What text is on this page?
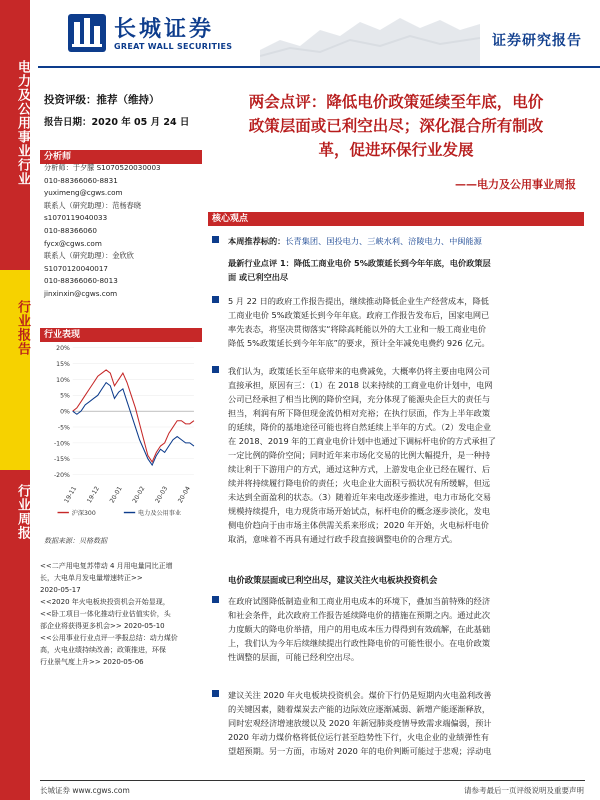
电力及公用事业行业
行业报告
行业周报
长城证券
GREAT WALL SECURITIES	证券研究报告
投资评级：推荐（维持）
报告日期：2020 年 05 月 24 日
分析师
分析师：于夕朦 S1070520030003
010-88366060-8831
yuximeng@cgws.com
联系人（研究助理）：范杨春晓
s1070119040033
010-88366060
fycx@cgws.com
联系人（研究助理）：金欣欣
S1070120040017
010-88366060-8013
jinxinxin@cgws.com
行业表现
20%
15%
10%
5%
0%
-5%
-10%
-15%
-20%
19-11 19-12 20-01 20-02 20-03 20-04
沪深300	电力及公用事业
数据来源：贝格数据
<<二产用电复苏带动 4 月用电量同比正增
长，大电单月发电量增速转正>>
2020-05-17
<<2020 年火电板块投资机会开始显现，
<<卧工项目一体化推动行业估值实价，头
部企业将获得更多机会>> 2020-05-10
<<公用事业行业点评一季报总结：动力煤价
高，火电业绩持续改善；政策推进，环保
行业景气度上升>> 2020-05-06
两会点评：降低电价政策延续至年底，电价
政策层面或已利空出尽；深化混合所有制改
革，促进环保行业发展
——电力及公用事业周报
核心观点
本周推荐标的：长青集团、国投电力、三峡水利、涪陵电力、中闽能源
最新行业点评 1：降低工商业电价 5%政策延长到今年年底，电价政策层
面 或已利空出尽
5 月 22 日的政府工作报告提出，继续推动降低企业生产经营成本，降低
工商业电价 5%政策延长到今年年底。政府工作报告发布后，国家电网已
率先表态，将坚决贯彻落实“将除高耗能以外的大工业和一般工商业电价
降低 5%政策延长到今年年底”的要求，预计全年减免电费约 926 亿元。
我们认为，政策延长至年底带来的电费减免，大概率仍将主要由电网公司
直接承担，原因有三：（1）在 2018 以来持续的工商业电价计划中，电网
公司已经承担了相当比例的降价空间，充分体现了能源央企巨大的责任与
担当，利润有所下降但现金流仍相对充裕；在执行层面，作为上半年政策
的延续，降价的基地途径可能也将自然延续上半年的方式。（2）发电企业
在 2018、2019 年的工商业电价计划中也通过下调标杆电价的方式承担了
一定比例的降价空间；同时近年来市场化交易的比例大幅提升，是一种持
续让利于下游用户的方式，通过这种方式，上游发电企业已经在履行、后
续并将持续履行降电价的责任；火电企业大面积亏损状况有所缓解，但远
未达到全面盈利的状态。（3）随着近年来电改逐步推进，电力市场化交易
规模持续提升，电力现货市场开始试点，标杆电价的概念逐步淡化，发电
侧电价趋向于由市场主体供需关系来形成；2020 年开始，火电标杆电价
取消，意味着不再具有通过行政手段直接调整电价的合理方式。
电价政策层面或已利空出尽，建议关注火电板块投资机会
在政府试图降低制造业和工商业用电成本的环境下，叠加当前特殊的经济
和社会条件，此次政府工作报告延续降电价的措施在预期之内。通过此次
力度颇大的降电价举措，用户的用电成本压力得得到有效疏解，在此基础
上，我们认为今年后续继续提出行政性降电价的可能性很小。在电价政策
性调整的层面，可能已经利空出尽。
建议关注 2020 年火电板块投资机会。煤价下行仍是短期内火电盈利改善
的关键因素，随着煤炭去产能的边际效应逐渐减弱、新增产能逐渐释放，
同时宏观经济增速放缓以及 2020 年新冠肺炎疫情导致需求端偏弱，预计
2020 年动力煤价格将低位运行甚至趋势性下行，火电企业的业绩弹性有
望超预期。另一方面，市场对 2020 年的电价判断可能过于悲观；浮动电
长城证券 www.cgws.com	请参考最后一页评级说明及重要声明
